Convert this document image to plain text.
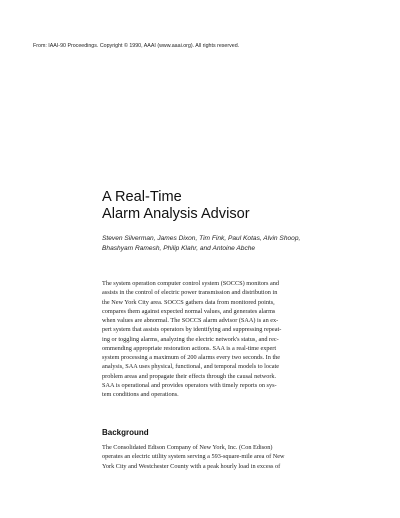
From: IAAI-90 Proceedings. Copyright © 1990, AAAI (www.aaai.org). All rights reserved.
A Real-Time
Alarm Analysis Advisor
Steven Silverman, James Dixon, Tim Fink, Paul Kotas, Alvin Shoop,
Bhashyam Ramesh, Philip Klahr, and Antoine Abche
The system operation computer control system (SOCCS) monitors and
assists in the control of electric power transmission and distribution in
the New York City area. SOCCS gathers data from monitored points,
compares them against expected normal values, and generates alarms
when values are abnormal. The SOCCS alarm advisor (SAA) is an ex-
pert system that assists operators by identifying and suppressing repeat-
ing or toggling alarms, analyzing the electric network's status, and rec-
ommending appropriate restoration actions. SAA is a real-time expert
system processing a maximum of 200 alarms every two seconds. In the
analysis, SAA uses physical, functional, and temporal models to locate
problem areas and propagate their effects through the causal network.
SAA is operational and provides operators with timely reports on sys-
tem conditions and operations.
Background
The Consolidated Edison Company of New York, Inc. (Con Edison)
operates an electric utility system serving a 593-square-mile area of New
York City and Westchester County with a peak hourly load in excess of
